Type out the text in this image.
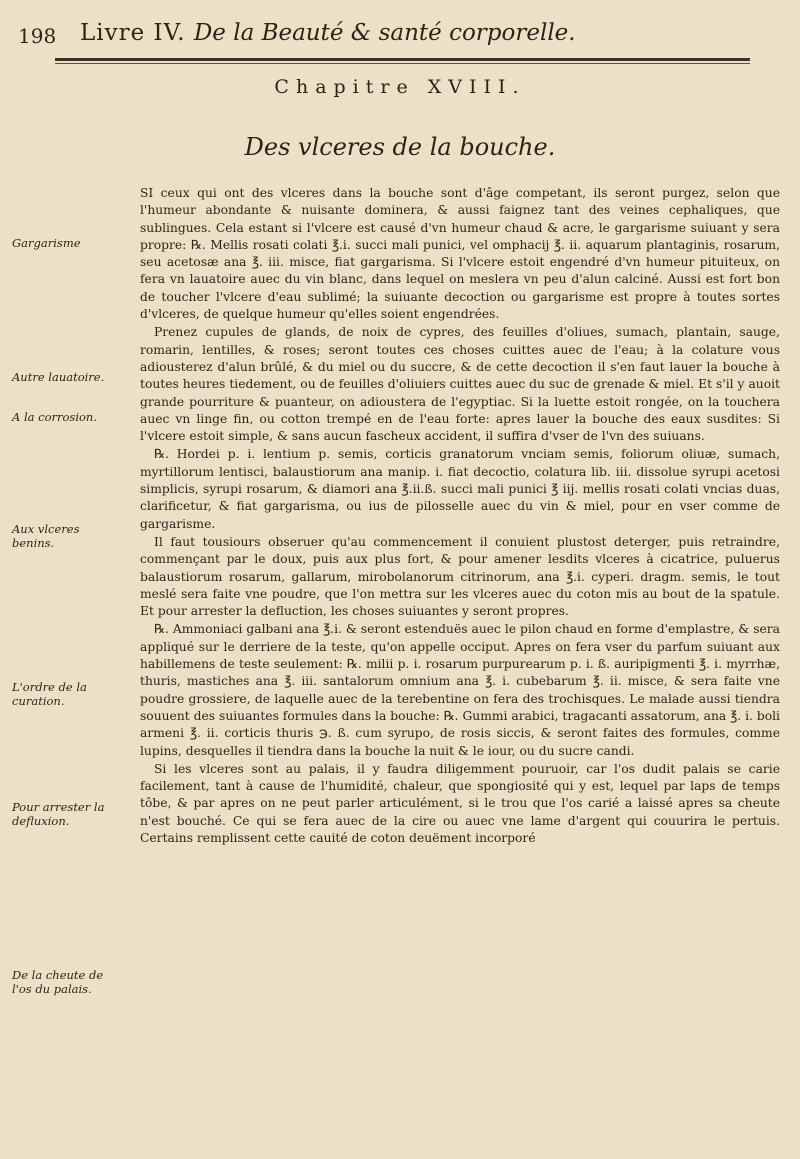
198 Livre IV. De la Beauté & santé corporelle.
Chapitre XVIII.
Des vlceres de la bouche.
Gargarisme
Autre lauatoire.
A la corrosion.
Aux vlceres benins.
L'ordre de la curation.
Pour arrester la defluxion.
De la cheute de l'os du palais.

SI ceux qui ont des vlceres dans la bouche sont d'âge competant, ils seront purgez, selon que l'humeur abondante & nuisante dominera, & aussi faignez tant des veines cephaliques, que sublingues. Cela estant si l'vlcere est causé d'vn humeur chaud & acre, le gargarisme suiuant y sera propre: ℞. Mellis rosati colati ℥.i. succi mali punici, vel omphacij ℥. ii. aquarum plantaginis, rosarum, seu acetosæ ana ℥. iii. misce, fiat gargarisma. Si l'vlcere estoit engendré d'vn humeur pituiteux, on fera vn lauatoire auec du vin blanc, dans lequel on meslera vn peu d'alun calciné. Aussi est fort bon de toucher l'vlcere d'eau sublimé; la suiuante decoction ou gargarisme est propre à toutes sortes d'vlceres, de quelque humeur qu'elles soient engendrées.

Prenez cupules de glands, de noix de cypres, des feuilles d'oliues, sumach, plantain, sauge, romarin, lentilles, & roses; seront toutes ces choses cuittes auec de l'eau; à la colature vous adiousterez d'alun brûlé, & du miel ou du succre, & de cette decoction il s'en faut lauer la bouche à toutes heures tiedement, ou de feuilles d'oliuiers cuittes auec du suc de grenade & miel. Et s'il y auoit grande pourriture & puanteur, on adioustera de l'egyptiac. Si la luette estoit rongée, on la touchera auec vn linge fin, ou cotton trempé en de l'eau forte: apres lauer la bouche des eaux susdites: Si l'vlcere estoit simple, & sans aucun fascheux accident, il suffira d'vser de l'vn des suiuans.

℞. Hordei p. i. lentium p. semis, corticis granatorum vnciam semis, foliorum oliuæ, sumach, myrtillorum lentisci, balaustiorum ana manip. i. fiat decoctio, colatura lib. iii. dissolue syrupi acetosi simplicis, syrupi rosarum, & diamori ana ℥.ii.ß. succi mali punici ℥ iij. mellis rosati colati vncias duas, clarificetur, & fiat gargarisma, ou ius de pilosselle auec du vin & miel, pour en vser comme de gargarisme.

Il faut tousiours obseruer qu'au commencement il conuient plustost deterger, puis retraindre, commençant par le doux, puis aux plus fort, & pour amener lesdits vlceres à cicatrice, puluerus balaustiorum rosarum, gallarum, mirobolanorum citrinorum, ana ℥.i. cyperi. dragm. semis, le tout meslé sera faite vne poudre, que l'on mettra sur les vlceres auec du coton mis au bout de la spatule. Et pour arrester la defluction, les choses suiuantes y seront propres.

℞. Ammoniaci galbani ana ℥.i. & seront estenduës auec le pilon chaud en forme d'emplastre, & sera appliqué sur le derriere de la teste, qu'on appelle occiput. Apres on fera vser du parfum suiuant aux habillemens de teste seulement: ℞. milii p. i. rosarum purpurearum p. i. ß. auripigmenti ℥. i. myrrhæ, thuris, mastiches ana ℥. iii. santalorum omnium ana ℥. i. cubebarum ℥. ii. misce, & sera faite vne poudre grossiere, de laquelle auec de la terebentine on fera des trochisques. Le malade aussi tiendra souuent des suiuantes formules dans la bouche: ℞. Gummi arabici, tragacanti assatorum, ana ℥. i. boli armeni ℥. ii. corticis thuris ℈. ß. cum syrupo, de rosis siccis, & seront faites des formules, comme lupins, desquelles il tiendra dans la bouche la nuit & le iour, ou du sucre candi.

Si les vlceres sont au palais, il y faudra diligemment pouruoir, car l'os dudit palais se carie facilement, tant à cause de l'humidité, chaleur, que spongiosité qui y est, lequel par laps de temps tôbe, & par apres on ne peut parler articulément, si le trou que l'os carié a laissé apres sa cheute n'est bouché. Ce qui se fera auec de la cire ou auec vne lame d'argent qui couurira le pertuis. Certains remplissent cette cauité de coton deuëment incorporé
